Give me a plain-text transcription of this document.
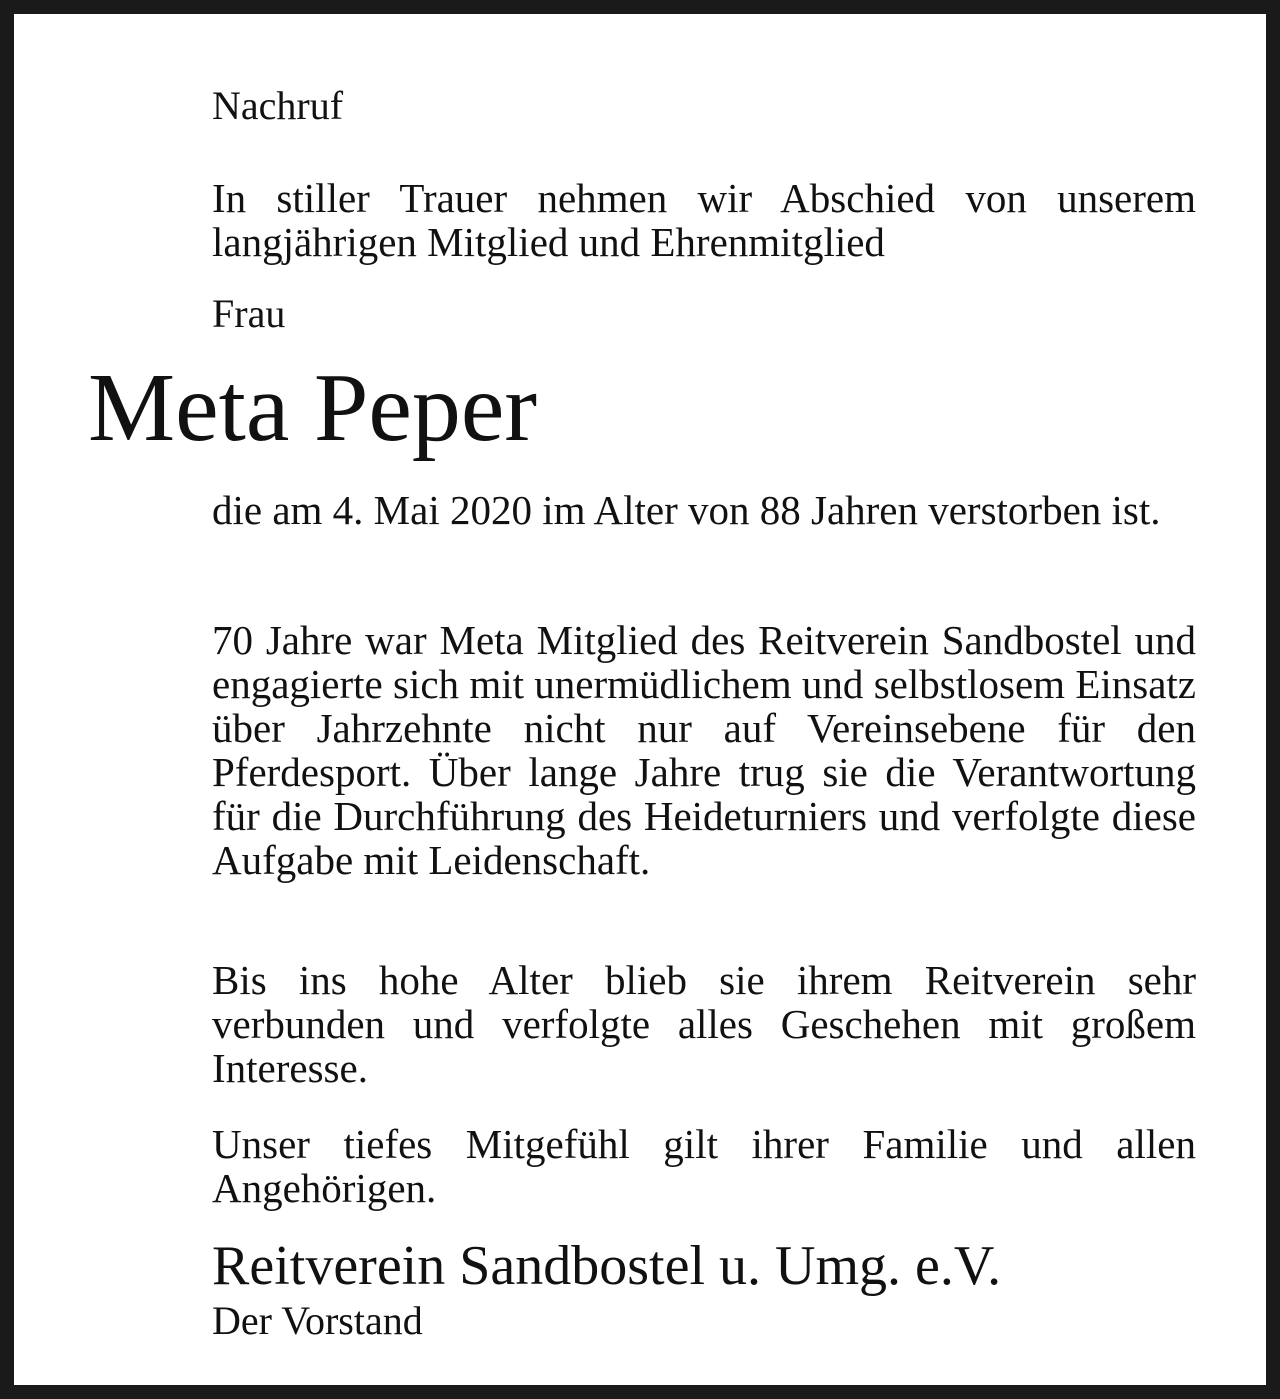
Nachruf
In stiller Trauer nehmen wir Abschied von unserem langjährigen Mitglied und Ehrenmitglied
Frau
die am 4. Mai 2020 im Alter von 88 Jahren verstorben ist.
70 Jahre war Meta Mitglied des Reitverein Sandbostel und engagierte sich mit unermüdlichem und selbstlosem Einsatz über Jahrzehnte nicht nur auf Vereinsebene für den Pferdesport. Über lange Jahre trug sie die Verantwortung für die Durchführung des Heideturniers und verfolgte diese Aufgabe mit Leidenschaft.
Bis ins hohe Alter blieb sie ihrem Reitverein sehr verbunden und verfolgte alles Geschehen mit großem Interesse.
Unser tiefes Mitgefühl gilt ihrer Familie und allen Angehörigen.
Reitverein Sandbostel u. Umg. e.V.
Der Vorstand
Meta Peper
